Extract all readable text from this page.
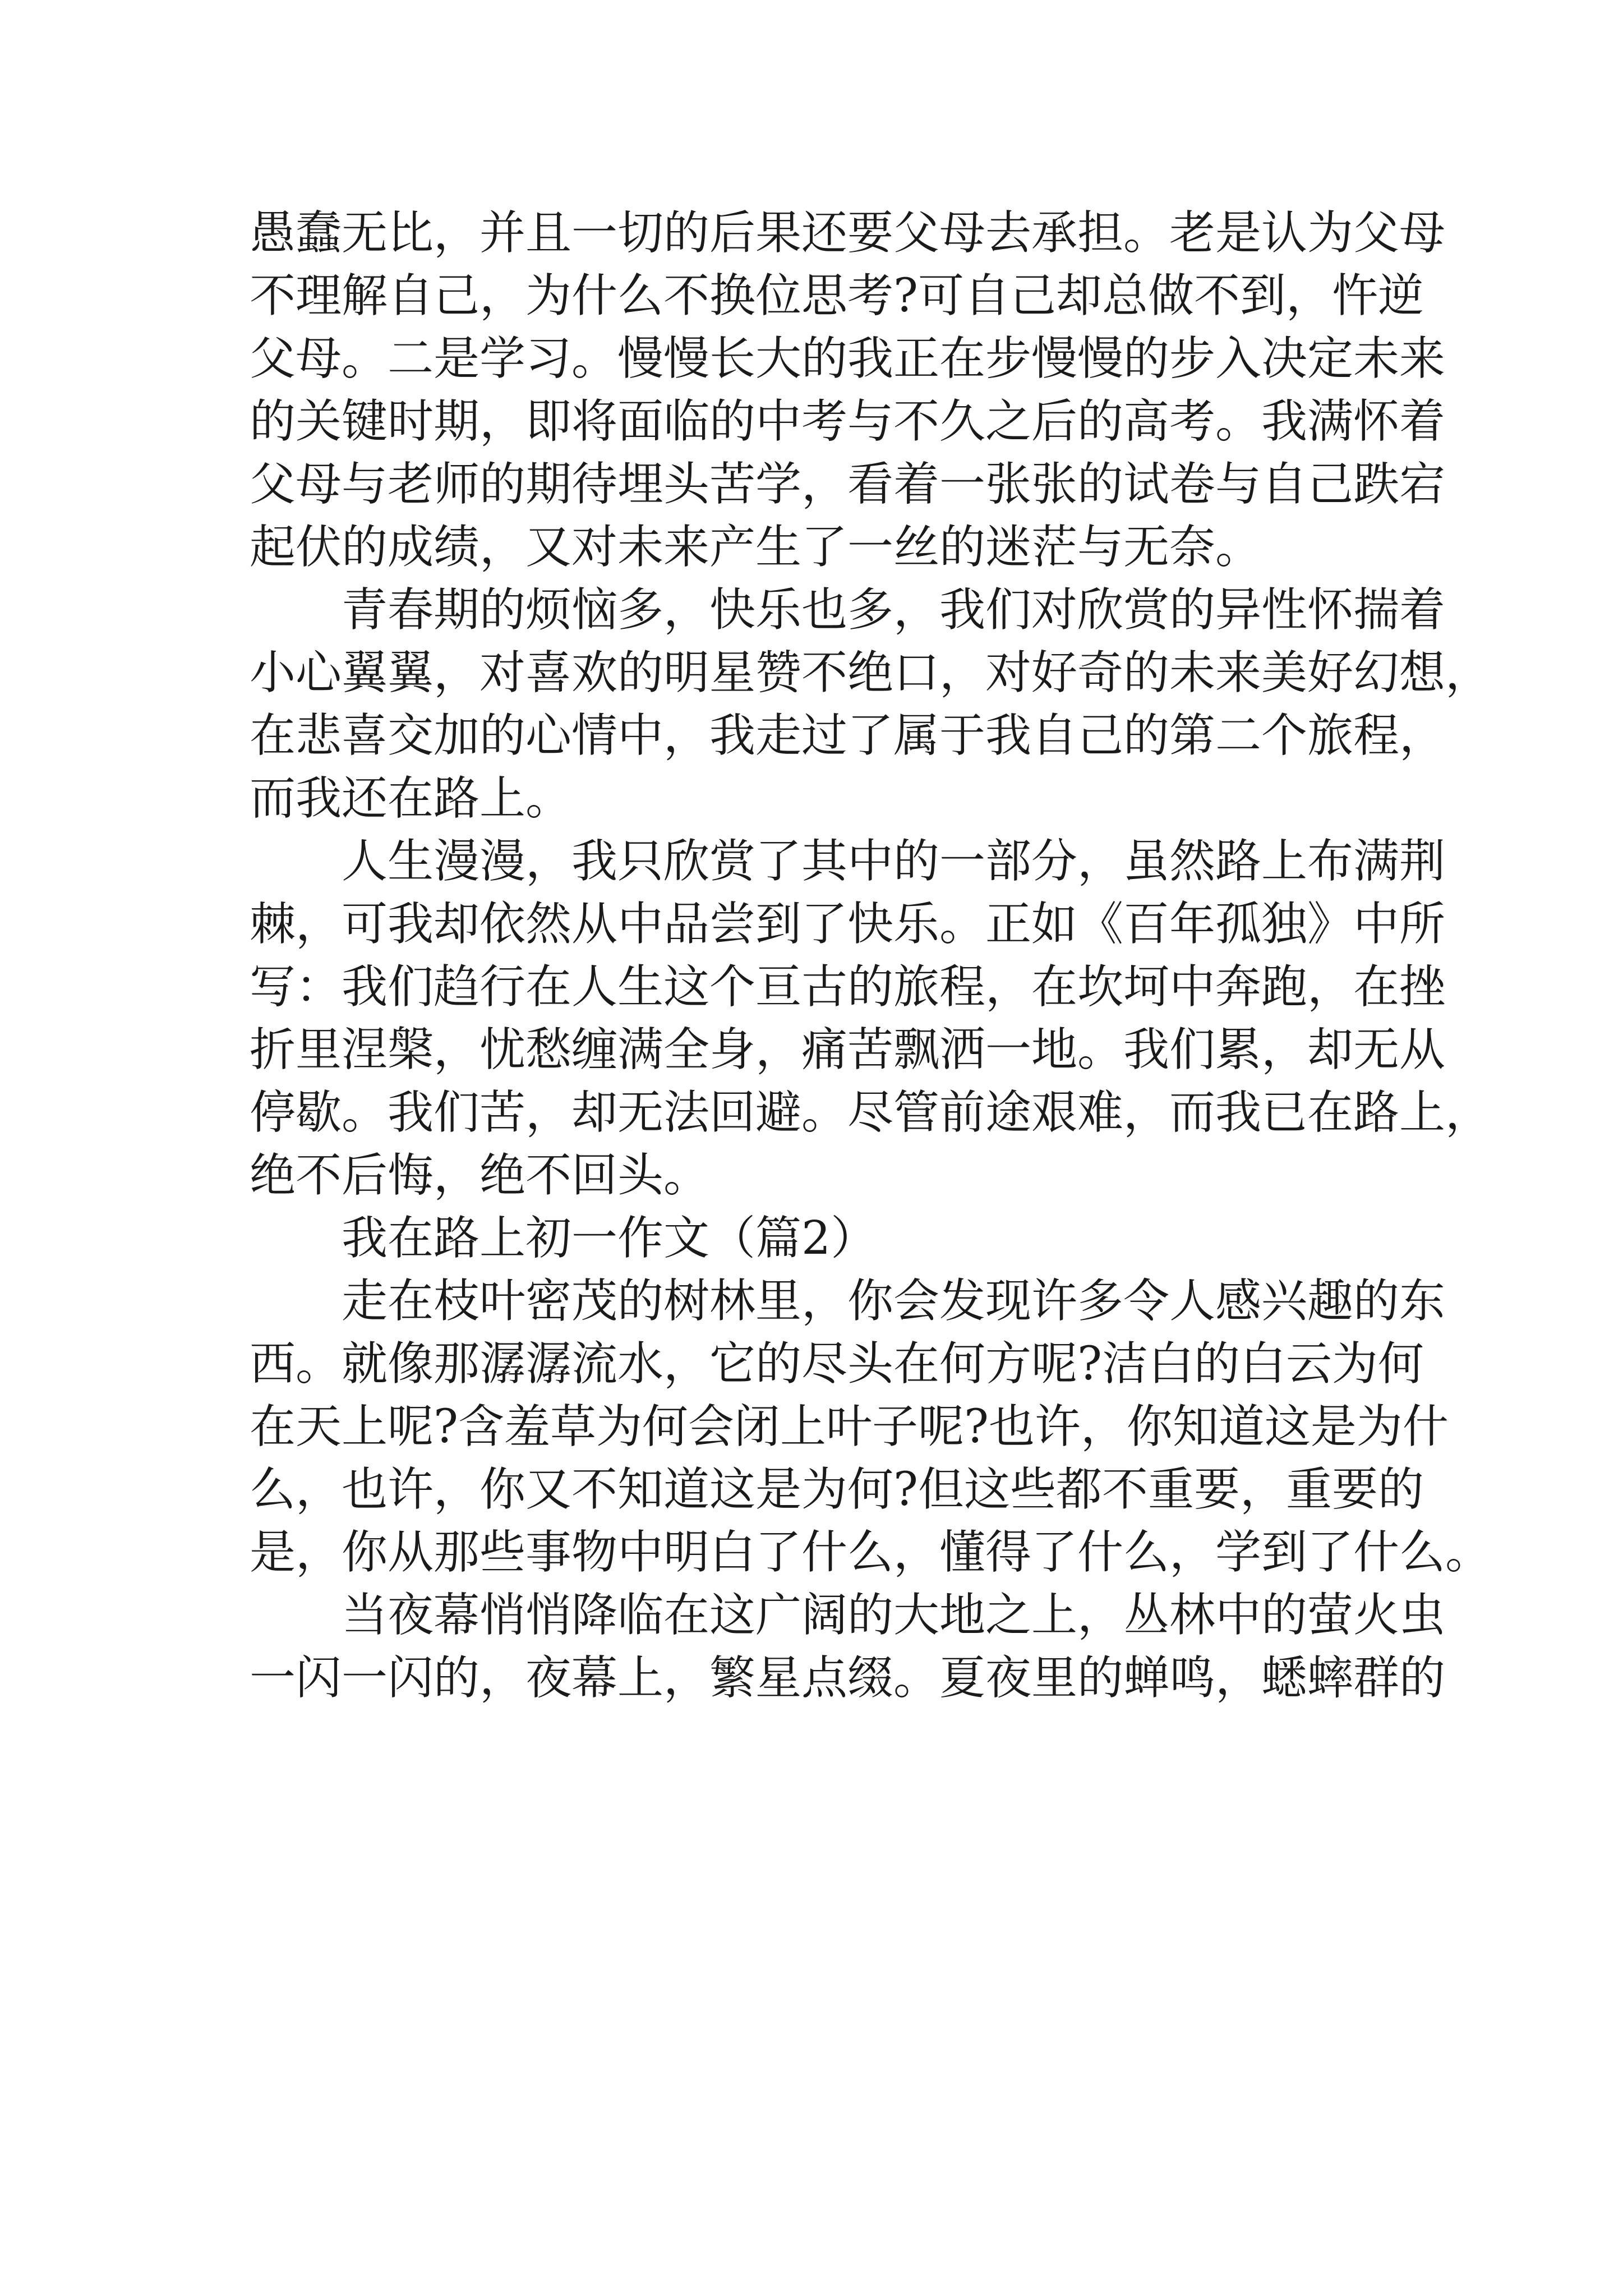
愚蠢无比，并且一切的后果还要父母去承担。老是认为父母
不理解自己，为什么不换位思考?可自己却总做不到，忤逆
父母。二是学习。慢慢长大的我正在步慢慢的步入决定未来
的关键时期，即将面临的中考与不久之后的高考。我满怀着
父母与老师的期待埋头苦学，看着一张张的试卷与自己跌宕
起伏的成绩，又对未来产生了一丝的迷茫与无奈。
　　青春期的烦恼多，快乐也多，我们对欣赏的异性怀揣着
小心翼翼，对喜欢的明星赞不绝口，对好奇的未来美好幻想，
在悲喜交加的心情中，我走过了属于我自己的第二个旅程，
而我还在路上。
　　人生漫漫，我只欣赏了其中的一部分，虽然路上布满荆
棘，可我却依然从中品尝到了快乐。正如《百年孤独》中所
写：我们趋行在人生这个亘古的旅程，在坎坷中奔跑，在挫
折里涅槃，忧愁缠满全身，痛苦飘洒一地。我们累，却无从
停歇。我们苦，却无法回避。尽管前途艰难，而我已在路上，
绝不后悔，绝不回头。
　　我在路上初一作文（篇2）
　　走在枝叶密茂的树林里，你会发现许多令人感兴趣的东
西。就像那潺潺流水，它的尽头在何方呢?洁白的白云为何
在天上呢?含羞草为何会闭上叶子呢?也许，你知道这是为什
么，也许，你又不知道这是为何?但这些都不重要，重要的
是，你从那些事物中明白了什么，懂得了什么，学到了什么。
　　当夜幕悄悄降临在这广阔的大地之上，丛林中的萤火虫
一闪一闪的，夜幕上，繁星点缀。夏夜里的蝉鸣，蟋蟀群的
